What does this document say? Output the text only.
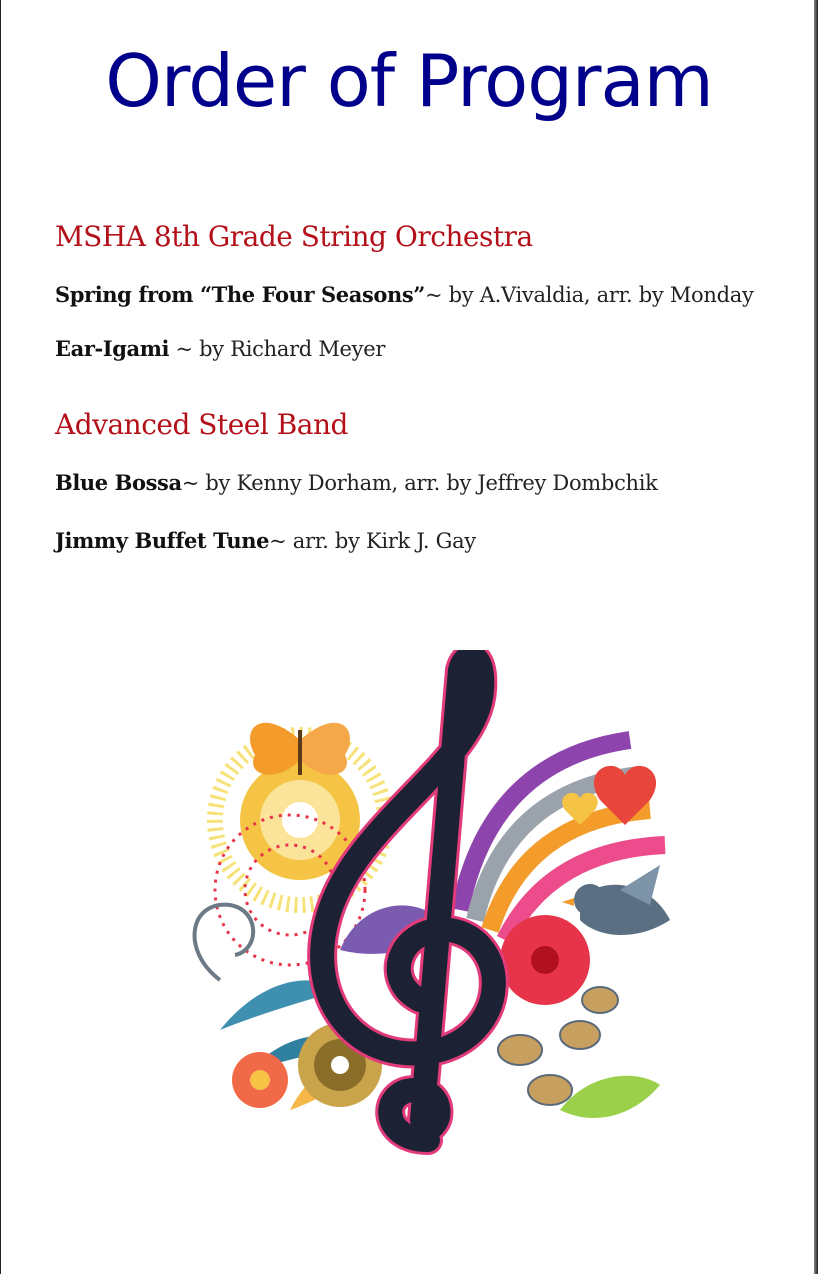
Order of Program
MSHA 8th Grade String Orchestra
Spring from “The Four Seasons”~ by A.Vivaldia, arr. by Monday
Ear-Igami ~ by Richard Meyer
Advanced Steel Band
Blue Bossa~ by Kenny Dorham, arr. by Jeffrey Dombchik
Jimmy Buffet Tune~ arr. by Kirk J. Gay
